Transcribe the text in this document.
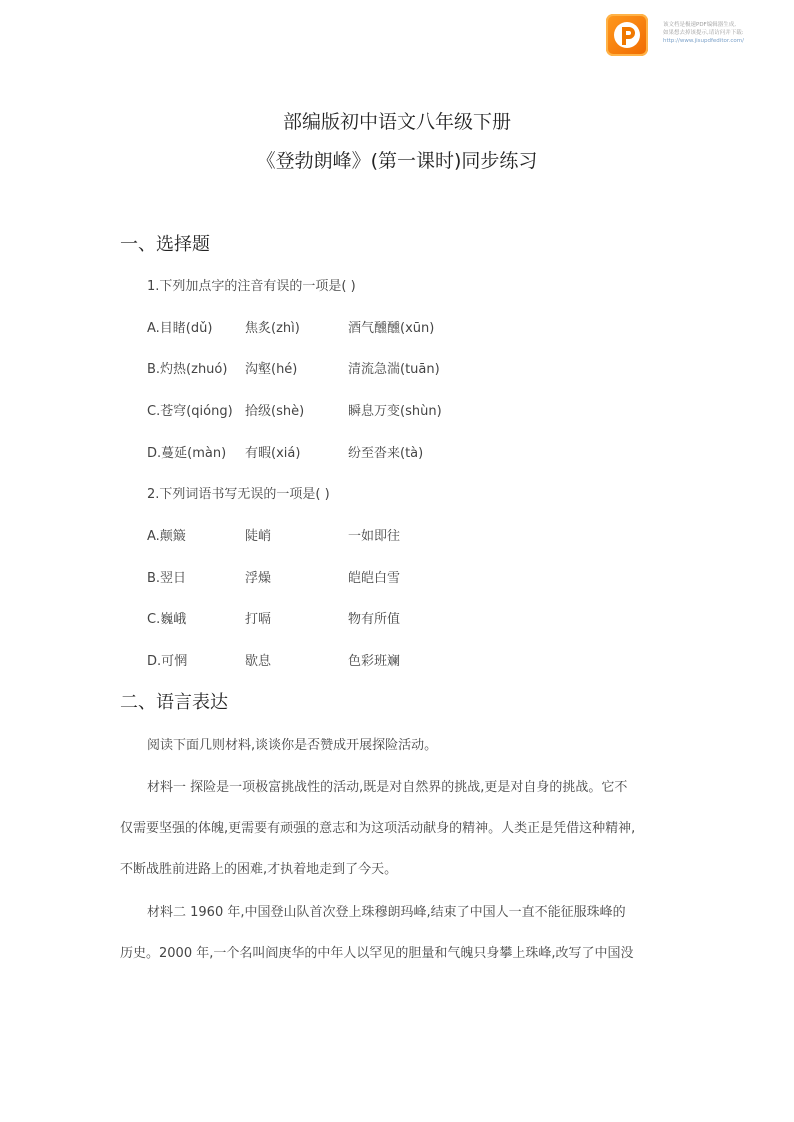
该文档是极速PDF编辑器生成,
如果想去掉该提示,请访问并下载:
http://www.jisupdfeditor.com/
部编版初中语文八年级下册
《登勃朗峰》(第一课时)同步练习
一、选择题
1.下列加点字的注音有误的一项是( )
A.目睹(dǔ)	焦炙(zhì)	酒气醺醺(xūn)
B.灼热(zhuó) 沟壑(hé)	清流急湍(tuān)
C.苍穹(qióng) 拾级(shè)	瞬息万变(shùn)
D.蔓延(màn) 有暇(xiá)	纷至沓来(tà)
2.下列词语书写无误的一项是( )
A.颠簸	陡峭	一如即往
B.翌日	浮燥	皑皑白雪
C.巍峨	打嗝	物有所值
D.可惘	歇息	色彩班斓
二、语言表达
阅读下面几则材料,谈谈你是否赞成开展探险活动。
材料一 探险是一项极富挑战性的活动,既是对自然界的挑战,更是对自身的挑战。它不
仅需要坚强的体魄,更需要有顽强的意志和为这项活动献身的精神。人类正是凭借这种精神,
不断战胜前进路上的困难,才执着地走到了今天。
材料二 1960 年,中国登山队首次登上珠穆朗玛峰,结束了中国人一直不能征服珠峰的
历史。2000 年,一个名叫阎庚华的中年人以罕见的胆量和气魄只身攀上珠峰,改写了中国没
